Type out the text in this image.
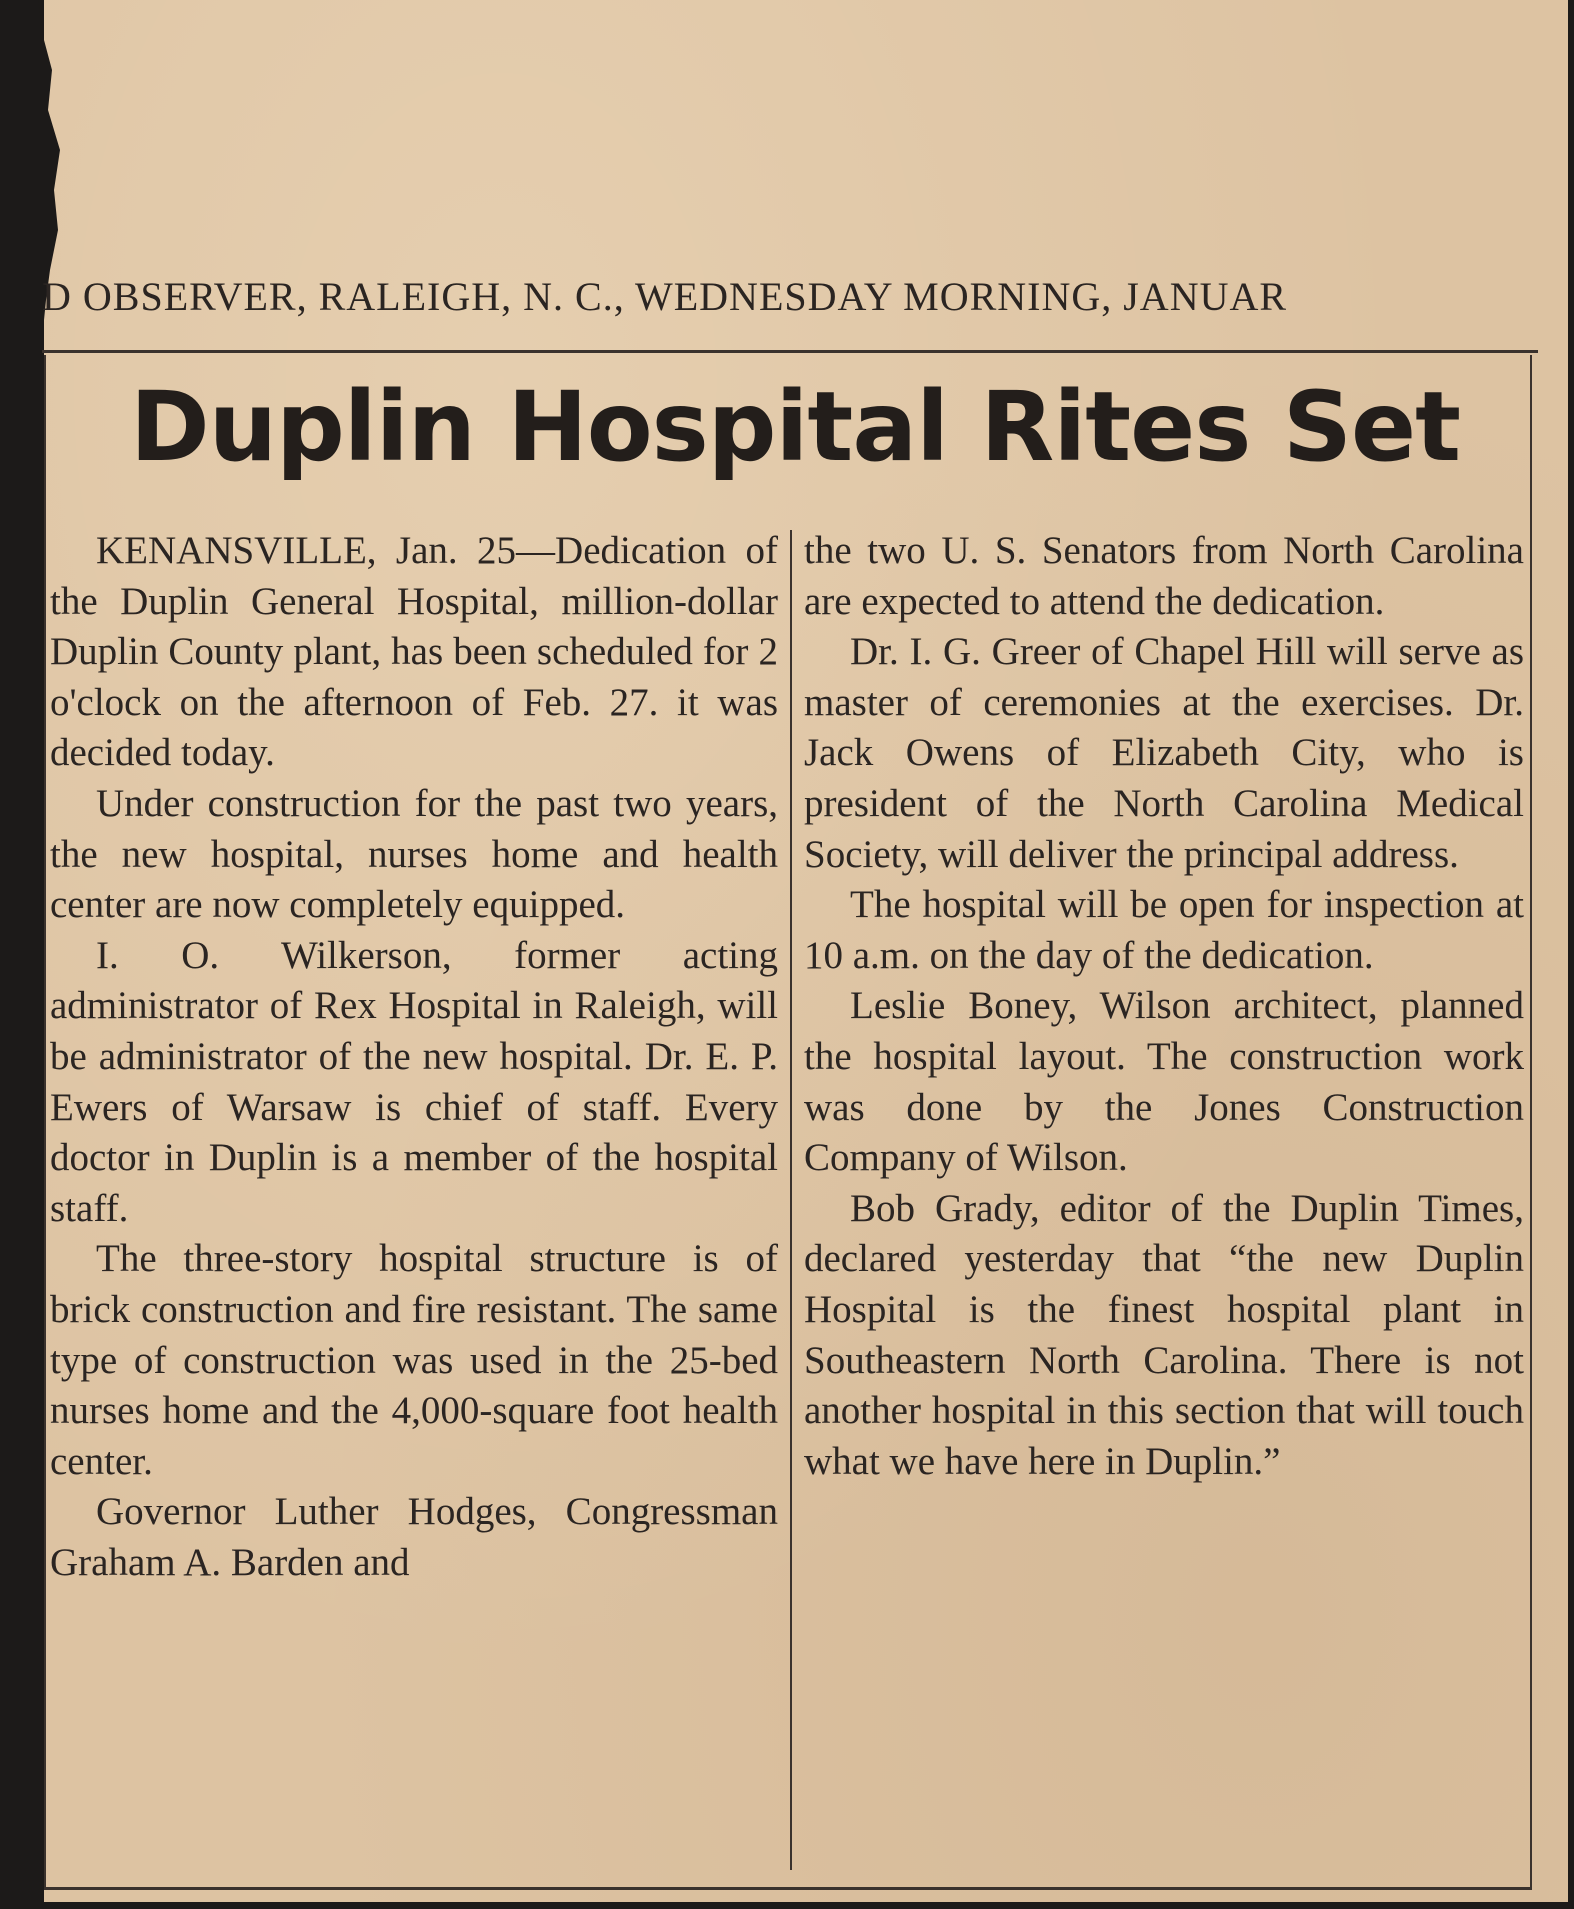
D OBSERVER, RALEIGH, N. C., WEDNESDAY MORNING, JANUAR
Duplin Hospital Rites Set

KENANSVILLE, Jan. 25—Dedication of the Duplin General Hospital, million-dollar Duplin County plant, has been scheduled for 2 o'clock on the afternoon of Feb. 27. it was decided today.

Under construction for the past two years, the new hospital, nurses home and health center are now completely equipped.

I. O. Wilkerson, former acting administrator of Rex Hospital in Raleigh, will be administrator of the new hospital. Dr. E. P. Ewers of Warsaw is chief of staff. Every doctor in Duplin is a member of the hospital staff.

The three-story hospital structure is of brick construction and fire resistant. The same type of construction was used in the 25-bed nurses home and the 4,000-square foot health center.

Governor Luther Hodges, Congressman Graham A. Barden and

the two U. S. Senators from North Carolina are expected to attend the dedication.

Dr. I. G. Greer of Chapel Hill will serve as master of ceremonies at the exercises. Dr. Jack Owens of Elizabeth City, who is president of the North Carolina Medical Society, will deliver the principal address.

The hospital will be open for inspection at 10 a.m. on the day of the dedication.

Leslie Boney, Wilson architect, planned the hospital layout. The construction work was done by the Jones Construction Company of Wilson.

Bob Grady, editor of the Duplin Times, declared yesterday that “the new Duplin Hospital is the finest hospital plant in Southeastern North Carolina. There is not another hospital in this section that will touch what we have here in Duplin.”
